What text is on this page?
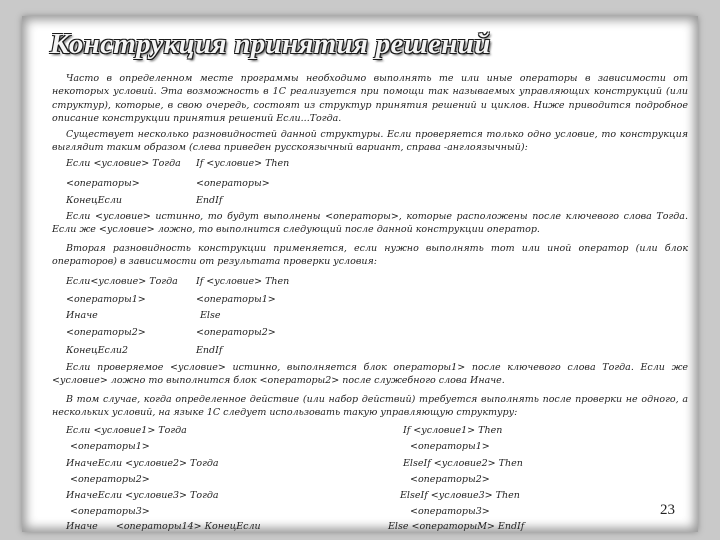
Конструкция принятия решений
Часто в определенном месте программы необходимо выполнять те или иные операторы в зависимости от некоторых условий. Эта возможность в 1С реализуется при помощи так называемых управляющих конструкций (или структур), которые, в свою очередь, состоят из структур принятия решений и циклов. Ниже приводится подробное описание конструкции принятия решений Если...Тогда.
Существует несколько разновидностей данной структуры. Если проверяется только одно условие, то конструкция выглядит таким образом (слева приведен русскоязычный вариант, справа -англоязычный):
Если <условие> Тогда If <условие> Then
<операторы>	<операторы>
КонецЕсли	EndIf
Если <условие> истинно, то будут выполнены <операторы>, которые расположены после ключевого слова Тогда. Если же <условие> ложно, то выполнится следующий после данной конструкции оператор.
Вторая разновидность конструкции применяется, если нужно выполнять тот или иной оператор (или блок операторов) в зависимости от результата проверки условия:
Если<условие> Тогда If <условие> Then
<операторы1>	<операторы1>
Иначе	Else
<операторы2>	<операторы2>
КонецЕсли2	EndIf
Если проверяемое <условие> истинно, выполняется блок операторы1> после ключевого слова Тогда. Если же <условие> ложно то выполнится блок <операторы2> после служебного слова Иначе.
В том случае, когда определенное действие (или набор действий) требуется выполнять после проверки не одного, а нескольких условий, на языке 1С следует использовать такую управляющую структуру:
Если <условие1> Тогда	If <условие1> Then
<операторы1>	<операторы1>
ИначеЕсли <условие2> Тогда	ElseIf <условие2> Then
<операторы2>	<операторы2>
ИначеЕсли <условие3> Тогда	ElseIf <условие3> Then
<операторы3>	<операторы3>
Иначе      <операторы14> КонецЕсли	Else <операторыМ> EndIf
23
